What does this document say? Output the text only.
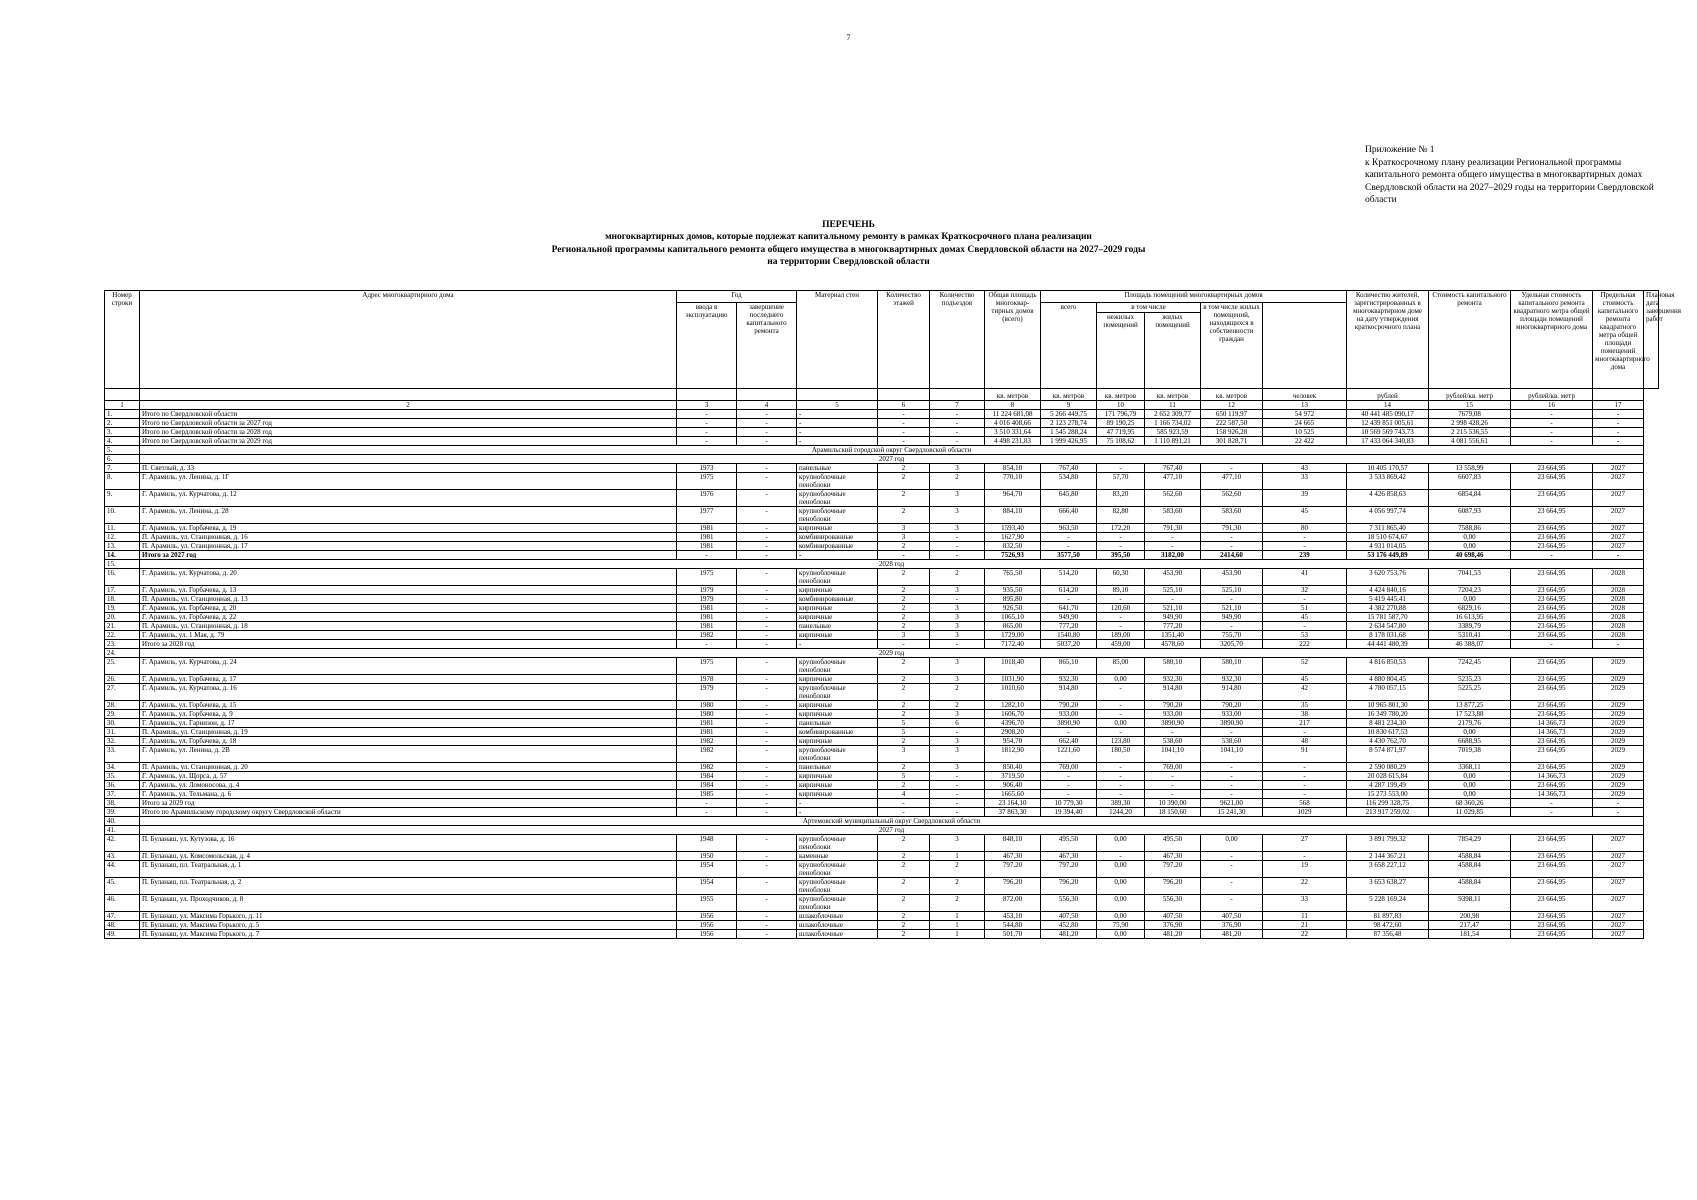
7
Приложение № 1
к Краткосрочному плану реализации Региональной программы капитального ремонта общего имущества в многоквартирных домах Свердловской области на 2027–2029 годы на территории Свердловской области
ПЕРЕЧЕНЬ
многоквартирных домов, которые подлежат капитальному ремонту в рамках Краткосрочного плана реализации
Региональной программы капитального ремонта общего имущества в многоквартирных домах Свердловской области на 2027–2029 годы
на территории Свердловской области
Номер строки	Адрес многоквартирного дома	Год		Материал стен	Количество этажей	Количество подъездов	Общая площадь многоквар-тирных домов (всего)	Площадь помещений многоквартирных домов					Количество жителей, зарегистрированных в многоквартирном доме на дату утверждения краткосрочного плана	Стоимость капитального ремонта	Удельная стоимость капитального ремонта квадратного метра общей площади помещений многоквартирного дома	Предельная стоимость капитального ремонта квадратного метра общей площади помещений многоквартирного дома	Плановая дата завершения работ
		ввода в эксплуатацию	завершение последнего капитального ремонта					всего	в том числе		в том числе жилых помещений, находящихся в собственности граждан						
									нежилых помещений	жилых помещений							
							кв. метров	кв. метров	кв. метров	кв. метров	кв. метров	человек	рублей	рублей/кв. метр	рублей/кв. метр		
1	2	3	4	5	6	7	8	9	10	11	12	13	14	15	16	17	
1.	Итого по Свердловской области	-	-	-	-	-	11 224 681,08	5 266 449,75	171 796,79	2 652 309,77	650 119,97	54 972	40 441 485 090,17	7679,08	-	-	
2.	Итого по Свердловской области за 2027 год	-	-	-	-	-	4 016 408,66	2 123 278,74	89 190,25	1 166 734,02	222 587,50	24 665	12 439 851 005,61	2 998 428,26	-	-	
3.	Итого по Свердловской области за 2028 год	-	-	-	-	-	3 510 331,64	1 545 288,24	47 719,95	585 923,59	158 926,28	10 525	10 569 569 743,73	2 215 536,55	-	-	
4.	Итого по Свердловской области за 2029 год	-	-	-	-	-	4 498 231,83	1 999 426,95	75 108,62	1 110 891,21	301 828,71	22 422	17 433 064 340,83	4 081 556,61	-	-	
5.	Арамильский городской округ Свердловской области																
6.	2027 год																
7.	П. Светлый, д. 33	1973	-	панельные	2	3	854,10	767,40	-	767,40	-	43	10 405 170,57	13 558,99	23 664,95	2027	
8.	Г. Арамиль, ул. Ленина, д. 1Г	1975	-	крупноблочные пеноблоки	2	2	770,10	534,80	57,70	477,10	477,10	33	3 533 869,42	6607,83	23 664,95	2027	
9.	Г. Арамиль, ул. Курчатова, д. 12	1976	-	крупноблочные пеноблоки	2	3	964,70	645,80	83,20	562,60	562,60	39	4 426 858,63	6854,84	23 664,95	2027	
10.	Г. Арамиль, ул. Ленина, д. 28	1977	-	крупноблочные пеноблоки	2	3	884,10	666,40	82,80	583,60	583,60	45	4 056 997,74	6087,93	23 664,95	2027	
11.	Г. Арамиль, ул. Горбачева, д. 19	1981	-	кирпичные	3	3	1593,40	963,50	172,20	791,30	791,30	80	7 311 865,40	7588,86	23 664,95	2027	
12.	П. Арамиль, ул. Станционная, д. 16	1981	-	комбинированные	3	-	1627,90	-	-	-	-	-	18 510 674,67	0,00	23 664,95	2027	
13.	П. Арамиль, ул. Станционная, д. 17	1981	-	комбинированные	2	-	832,50	-	-	-	-	-	4 931 014,05	0,00	23 664,95	2027	
14.	Итого за 2027 год	-	-	-	-	-	7526,93	3577,50	395,50	3182,00	2414,60	239	53 176 449,89	40 698,46	-	-	
15.	2028 год																
16.	Г. Арамиль, ул. Курчатова, д. 20	1975	-	крупноблочные пеноблоки	2	2	765,50	514,20	60,30	453,90	453,90	41	3 620 753,76	7041,53	23 664,95	2028	
17.	Г. Арамиль, ул. Горбачева, д. 13	1979	-	кирпичные	2	3	935,50	614,20	89,10	525,10	525,10	32	4 424 840,16	7204,23	23 664,95	2028	
18.	П. Арамиль, ул. Станционная, д. 13	1979	-	комбинированные	2	-	895,80	-	-	-	-	-	5 419 445,41	0,00	23 664,95	2028	
19.	Г. Арамиль, ул. Горбачева, д. 20	1981	-	кирпичные	2	3	926,50	641,70	120,60	521,10	521,10	51	4 382 270,88	6829,16	23 664,95	2028	
20.	Г. Арамиль, ул. Горбачева, д. 22	1981	-	кирпичные	2	3	1065,10	949,90	-	949,90	949,90	45	15 781 587,70	16 613,95	23 664,95	2028	
21.	П. Арамиль, ул. Станционная, д. 18	1981	-	панельные	2	3	865,00	777,20	-	777,20	-	-	2 634 547,80	3389,79	23 664,95	2028	
22.	Г. Арамиль, ул. 1 Мая, д. 79	1982	-	кирпичные	3	3	1729,00	1540,80	189,00	1351,40	755,70	53	8 178 031,68	5310,41	23 664,95	2028	
23.	Итого за 2028 год	-	-	-	-	-	7172,40	5037,20	459,00	4578,60	3205,70	222	44 441 480,39	46 388,07	-	-	
24.	2029 год																
25.	Г. Арамиль, ул. Курчатова, д. 24	1975	-	крупноблочные пеноблоки	2	3	1018,40	865,10	85,00	580,10	580,10	52	4 816 850,53	7242,45	23 664,95	2029	
26.	Г. Арамиль, ул. Горбачева, д. 17	1978	-	кирпичные	2	3	1031,90	932,30	0,00	932,30	932,30	45	4 880 804,45	5235,23	23 664,95	2029	
27.	Г. Арамиль, ул. Курчатова, д. 16	1979	-	крупноблочные пеноблоки	2	2	1010,60	914,80	-	914,80	914,80	42	4 780 057,15	5225,25	23 664,95	2029	
28.	Г. Арамиль, ул. Горбачева, д. 15	1980	-	кирпичные	2	2	1282,10	790,20	-	790,20	790,20	35	10 965 801,30	13 877,25	23 664,95	2029	
29.	Г. Арамиль, ул. Горбачева, д. 9	1980	-	кирпичные	2	3	1606,70	933,00	-	933,00	933,00	38	16 349 780,20	17 523,88	23 664,95	2029	
30.	Г. Арамиль, ул. Гарнизон, д. 17	1981	-	панельные	5	6	4396,70	3890,90	0,00	3890,90	3890,90	217	8 481 234,30	2179,76	14 366,73	2029	
31.	П. Арамиль, ул. Станционная, д. 19	1981	-	комбинированные	5	-	2908,20	-	-	-	-	-	10 830 617,53	0,00	14 366,73	2029	
32.	Г. Арамиль, ул. Горбачева, д. 18	1982	-	кирпичные	2	3	954,70	662,40	123,80	538,60	538,60	48	4 430 762,70	6688,95	23 664,95	2029	
33.	Г. Арамиль, ул. Ленина, д. 2В	1982	-	крупноблочные пеноблоки	3	3	1812,90	1221,60	180,50	1041,10	1041,10	91	8 574 871,97	7019,38	23 664,95	2029	
34.	П. Арамиль, ул. Станционная, д. 20	1982	-	панельные	2	3	850,40	769,00	-	769,00	-	-	2 590 080,29	3368,11	23 664,95	2029	
35.	Г. Арамиль, ул. Щорса, д. 57	1984	-	кирпичные	5	-	3719,50	-	-	-	-	-	20 028 615,84	0,00	14 366,73	2029	
36.	Г. Арамиль, ул. Ломоносова, д. 4	1984	-	кирпичные	2	-	906,40	-	-	-	-	-	4 287 199,49	0,00	23 664,95	2029	
37.	Г. Арамиль, ул. Тельмана, д. 6	1985	-	кирпичные	4	-	1665,60	-	-	-	-	-	15 273 553,00	0,00	14 366,73	2029	
38.	Итого за 2029 год	-	-	-	-	-	23 164,10	10 779,30	389,30	10 390,00	9621,00	568	116 299 328,75	68 360,26	-	-	
39.	Итого по Арамильскому городскому округу Свердловской области	-	-	-	-	-	37 863,30	19 394,40	1244,20	18 150,60	15 241,30	1029	213 917 259,02	11 029,85	-	-	
40.	Артемовский муниципальный округ Свердловской области																
41.	2027 год																
42.	П. Буланаш, ул. Кутузова, д. 16	1948	-	крупноблочные пеноблоки	2	3	848,10	495,50	0,00	495,50	0,00	27	3 891 799,32	7854,29	23 664,95	2027	
43.	П. Буланаш, ул. Комсомольская, д. 4	1950	-	каменные	2	1	467,30	467,30	-	467,30	-	-	2 144 367,21	4588,84	23 664,95	2027	
44.	П. Буланаш, пл. Театральная, д. 1	1954	-	крупноблочные пеноблоки	2	2	797,20	797,20	0,00	797,20	-	19	3 658 227,12	4588,84	23 664,95	2027	
45.	П. Буланаш, пл. Театральная, д. 2	1954	-	крупноблочные пеноблоки	2	2	796,20	796,20	0,00	796,20	-	22	3 653 638,27	4588,84	23 664,95	2027	
46.	П. Буланаш, ул. Проходчиков, д. 8	1955	-	крупноблочные пеноблоки	2	2	872,00	556,30	0,00	556,30	-	33	5 228 169,24	9398,11	23 664,95	2027	
47.	П. Буланаш, ул. Максима Горького, д. 11	1956	-	шлакоблочные	2	1	453,10	407,50	0,00	407,50	407,50	11	81 897,83	200,98	23 664,95	2027	
48.	П. Буланаш, ул. Максима Горького, д. 5	1956	-	шлакоблочные	2	1	544,80	452,80	75,90	376,90	376,90	21	98 472,60	217,47	23 664,95	2027	
49.	П. Буланаш, ул. Максима Горького, д. 7	1956	-	шлакоблочные	2	1	501,70	481,20	0,00	481,20	481,20	22	87 356,48	181,54	23 664,95	2027	
